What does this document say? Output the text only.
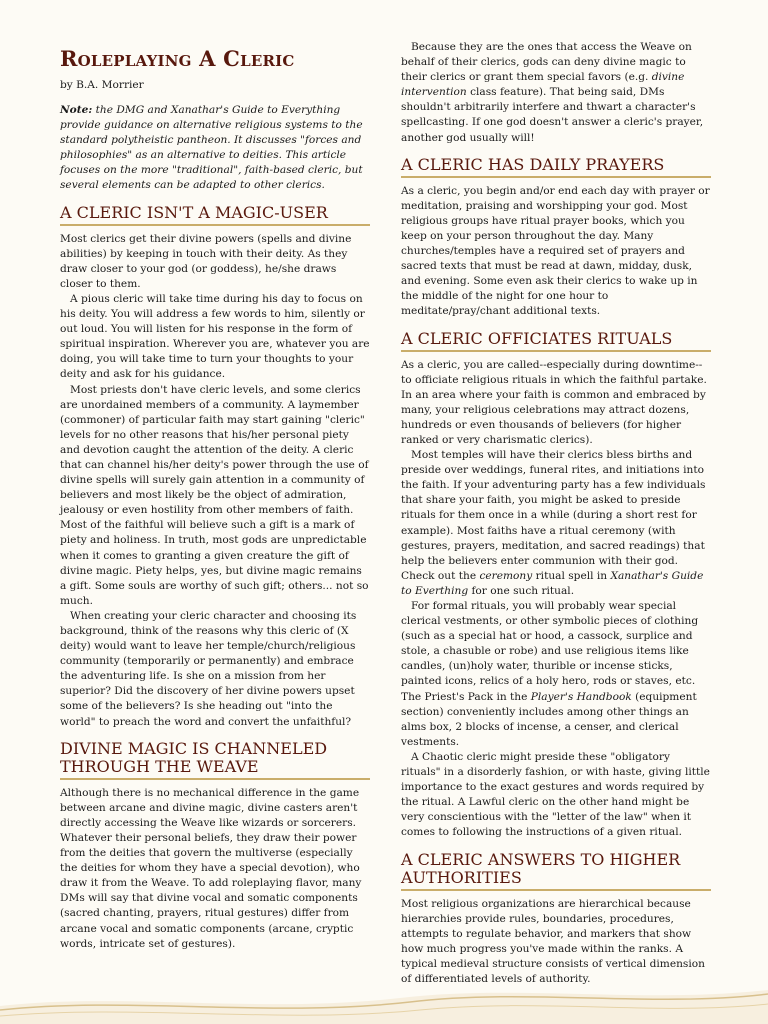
Roleplaying A Cleric
by B.A. Morrier
Note: the DMG and Xanathar's Guide to Everything provide guidance on alternative religious systems to the standard polytheistic pantheon. It discusses "forces and philosophies" as an alternative to deities. This article focuses on the more "traditional", faith-based cleric, but several elements can be adapted to other clerics.
A CLERIC ISN'T A MAGIC-USER

Most clerics get their divine powers (spells and divine abilities) by keeping in touch with their deity. As they draw closer to your god (or goddess), he/she draws closer to them.

A pious cleric will take time during his day to focus on his deity. You will address a few words to him, silently or out loud. You will listen for his response in the form of spiritual inspiration. Wherever you are, whatever you are doing, you will take time to turn your thoughts to your deity and ask for his guidance.

Most priests don't have cleric levels, and some clerics are unordained members of a community. A laymember (commoner) of particular faith may start gaining "cleric" levels for no other reasons that his/her personal piety and devotion caught the attention of the deity. A cleric that can channel his/her deity's power through the use of divine spells will surely gain attention in a community of believers and most likely be the object of admiration, jealousy or even hostility from other members of faith. Most of the faithful will believe such a gift is a mark of piety and holiness. In truth, most gods are unpredictable when it comes to granting a given creature the gift of divine magic. Piety helps, yes, but divine magic remains a gift. Some souls are worthy of such gift; others... not so much.

When creating your cleric character and choosing its background, think of the reasons why this cleric of (X deity) would want to leave her temple/church/religious community (temporarily or permanently) and embrace the adventuring life. Is she on a mission from her superior? Did the discovery of her divine powers upset some of the believers? Is she heading out "into the world" to preach the word and convert the unfaithful?

DIVINE MAGIC IS CHANNELED THROUGH THE WEAVE

Although there is no mechanical difference in the game between arcane and divine magic, divine casters aren't directly accessing the Weave like wizards or sorcerers. Whatever their personal beliefs, they draw their power from the deities that govern the multiverse (especially the deities for whom they have a special devotion), who draw it from the Weave. To add roleplaying flavor, many DMs will say that divine vocal and somatic components (sacred chanting, prayers, ritual gestures) differ from arcane vocal and somatic components (arcane, cryptic words, intricate set of gestures).

Because they are the ones that access the Weave on behalf of their clerics, gods can deny divine magic to their clerics or grant them special favors (e.g. divine intervention class feature). That being said, DMs shouldn't arbitrarily interfere and thwart a character's spellcasting. If one god doesn't answer a cleric's prayer, another god usually will!

A CLERIC HAS DAILY PRAYERS

As a cleric, you begin and/or end each day with prayer or meditation, praising and worshipping your god. Most religious groups have ritual prayer books, which you keep on your person throughout the day. Many churches/temples have a required set of prayers and sacred texts that must be read at dawn, midday, dusk, and evening. Some even ask their clerics to wake up in the middle of the night for one hour to meditate/pray/chant additional texts.

A CLERIC OFFICIATES RITUALS

As a cleric, you are called--especially during downtime--to officiate religious rituals in which the faithful partake. In an area where your faith is common and embraced by many, your religious celebrations may attract dozens, hundreds or even thousands of believers (for higher ranked or very charismatic clerics).

Most temples will have their clerics bless births and preside over weddings, funeral rites, and initiations into the faith. If your adventuring party has a few individuals that share your faith, you might be asked to preside rituals for them once in a while (during a short rest for example). Most faiths have a ritual ceremony (with gestures, prayers, meditation, and sacred readings) that help the believers enter communion with their god. Check out the ceremony ritual spell in Xanathar's Guide to Everthing for one such ritual.

For formal rituals, you will probably wear special clerical vestments, or other symbolic pieces of clothing (such as a special hat or hood, a cassock, surplice and stole, a chasuble or robe) and use religious items like candles, (un)holy water, thurible or incense sticks, painted icons, relics of a holy hero, rods or staves, etc. The Priest's Pack in the Player's Handbook (equipment section) conveniently includes among other things an alms box, 2 blocks of incense, a censer, and clerical vestments.

A Chaotic cleric might preside these "obligatory rituals" in a disorderly fashion, or with haste, giving little importance to the exact gestures and words required by the ritual. A Lawful cleric on the other hand might be very conscientious with the "letter of the law" when it comes to following the instructions of a given ritual.

A CLERIC ANSWERS TO HIGHER AUTHORITIES

Most religious organizations are hierarchical because hierarchies provide rules, boundaries, procedures, attempts to regulate behavior, and markers that show how much progress you've made within the ranks. A typical medieval structure consists of vertical dimension of differentiated levels of authority.
